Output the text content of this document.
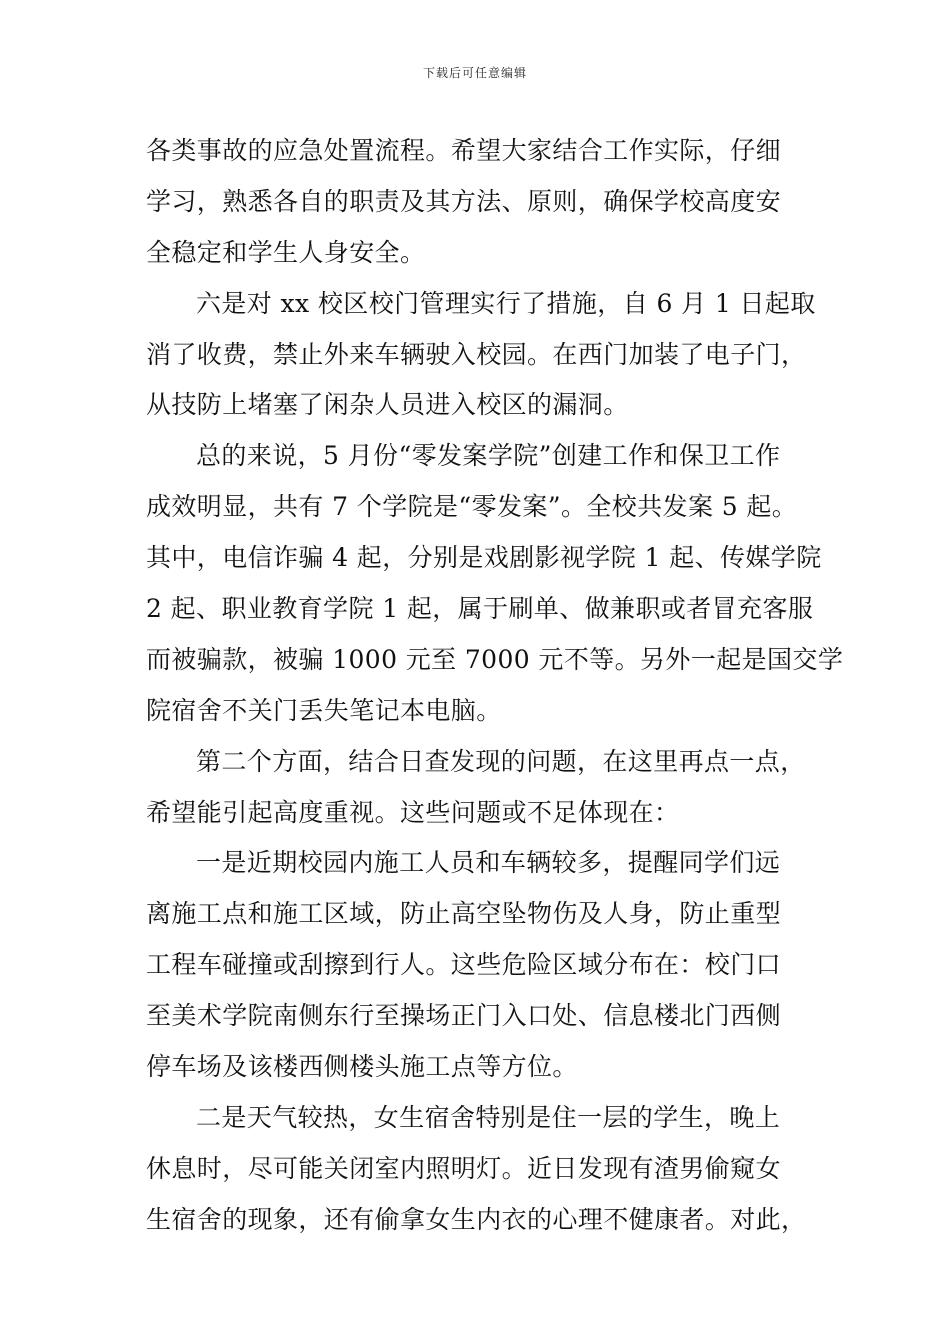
下载后可任意编辑
各类事故的应急处置流程。希望大家结合工作实际，仔细
学习，熟悉各自的职责及其方法、原则，确保学校高度安
全稳定和学生人身安全。
六是对 xx 校区校门管理实行了措施，自 6 月 1 日起取
消了收费，禁止外来车辆驶入校园。在西门加装了电子门，
从技防上堵塞了闲杂人员进入校区的漏洞。
总的来说，5 月份“零发案学院”创建工作和保卫工作
成效明显，共有 7 个学院是“零发案”。全校共发案 5 起。
其中，电信诈骗 4 起，分别是戏剧影视学院 1 起、传媒学院
2 起、职业教育学院 1 起，属于刷单、做兼职或者冒充客服
而被骗款，被骗 1000 元至 7000 元不等。另外一起是国交学
院宿舍不关门丢失笔记本电脑。
第二个方面，结合日查发现的问题，在这里再点一点，
希望能引起高度重视。这些问题或不足体现在：
一是近期校园内施工人员和车辆较多，提醒同学们远
离施工点和施工区域，防止高空坠物伤及人身，防止重型
工程车碰撞或刮擦到行人。这些危险区域分布在：校门口
至美术学院南侧东行至操场正门入口处、信息楼北门西侧
停车场及该楼西侧楼头施工点等方位。
二是天气较热，女生宿舍特别是住一层的学生，晚上
休息时，尽可能关闭室内照明灯。近日发现有渣男偷窥女
生宿舍的现象，还有偷拿女生内衣的心理不健康者。对此，
